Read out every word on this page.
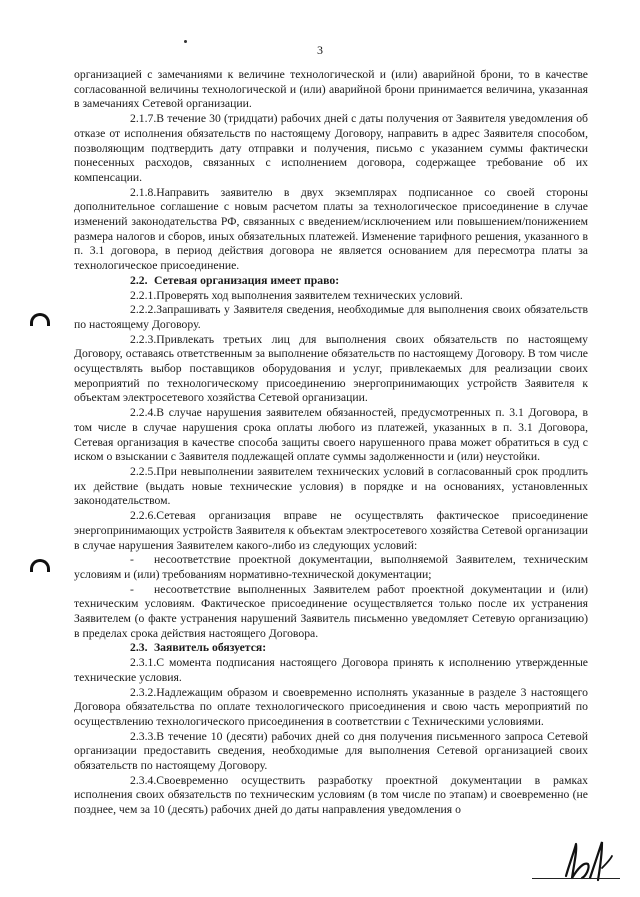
3

организацией с замечаниями к величине технологической и (или) аварийной брони, то в качестве согласованной величины технологической и (или) аварийной брони принимается величина, указанная в замечаниях Сетевой организации.

2.1.7.В течение 30 (тридцати) рабочих дней с даты получения от Заявителя уведомления об отказе от исполнения обязательств по настоящему Договору, направить в адрес Заявителя способом, позволяющим подтвердить дату отправки и получения, письмо с указанием суммы фактически понесенных расходов, связанных с исполнением договора, содержащее требование об их компенсации.

2.1.8.Направить заявителю в двух экземплярах подписанное со своей стороны дополнительное соглашение с новым расчетом платы за технологическое присоединение в случае изменений законодательства РФ, связанных с введением/исключением или повышением/понижением размера налогов и сборов, иных обязательных платежей. Изменение тарифного решения, указанного в п. 3.1 договора, в период действия договора не является основанием для пересмотра платы за технологическое присоединение.

2.2. Сетевая организация имеет право:

2.2.1.Проверять ход выполнения заявителем технических условий.

2.2.2.Запрашивать у Заявителя сведения, необходимые для выполнения своих обязательств по настоящему Договору.

2.2.3.Привлекать третьих лиц для выполнения своих обязательств по настоящему Договору, оставаясь ответственным за выполнение обязательств по настоящему Договору. В том числе осуществлять выбор поставщиков оборудования и услуг, привлекаемых для реализации своих мероприятий по технологическому присоединению энергопринимающих устройств Заявителя к объектам электросетевого хозяйства Сетевой организации.

2.2.4.В случае нарушения заявителем обязанностей, предусмотренных п. 3.1 Договора, в том числе в случае нарушения срока оплаты любого из платежей, указанных в п. 3.1 Договора, Сетевая организация в качестве способа защиты своего нарушенного права может обратиться в суд с иском о взыскании с Заявителя подлежащей оплате суммы задолженности и (или) неустойки.

2.2.5.При невыполнении заявителем технических условий в согласованный срок продлить их действие (выдать новые технические условия) в порядке и на основаниях, установленных законодательством.

2.2.6.Сетевая организация вправе не осуществлять фактическое присоединение энергопринимающих устройств Заявителя к объектам электросетевого хозяйства Сетевой организации в случае нарушения Заявителем какого-либо из следующих условий:

- несоответствие проектной документации, выполняемой Заявителем, техническим условиям и (или) требованиям нормативно-технической документации;

- несоответствие выполненных Заявителем работ проектной документации и (или) техническим условиям. Фактическое присоединение осуществляется только после их устранения Заявителем (о факте устранения нарушений Заявитель письменно уведомляет Сетевую организацию) в пределах срока действия настоящего Договора.

2.3. Заявитель обязуется:

2.3.1.С момента подписания настоящего Договора принять к исполнению утвержденные технические условия.

2.3.2.Надлежащим образом и своевременно исполнять указанные в разделе 3 настоящего Договора обязательства по оплате технологического присоединения и свою часть мероприятий по осуществлению технологического присоединения в соответствии с Техническими условиями.

2.3.3.В течение 10 (десяти) рабочих дней со дня получения письменного запроса Сетевой организации предоставить сведения, необходимые для выполнения Сетевой организацией своих обязательств по настоящему Договору.

2.3.4.Своевременно осуществить разработку проектной документации в рамках исполнения своих обязательств по техническим условиям (в том числе по этапам) и своевременно (не позднее, чем за 10 (десять) рабочих дней до даты направления уведомления о
